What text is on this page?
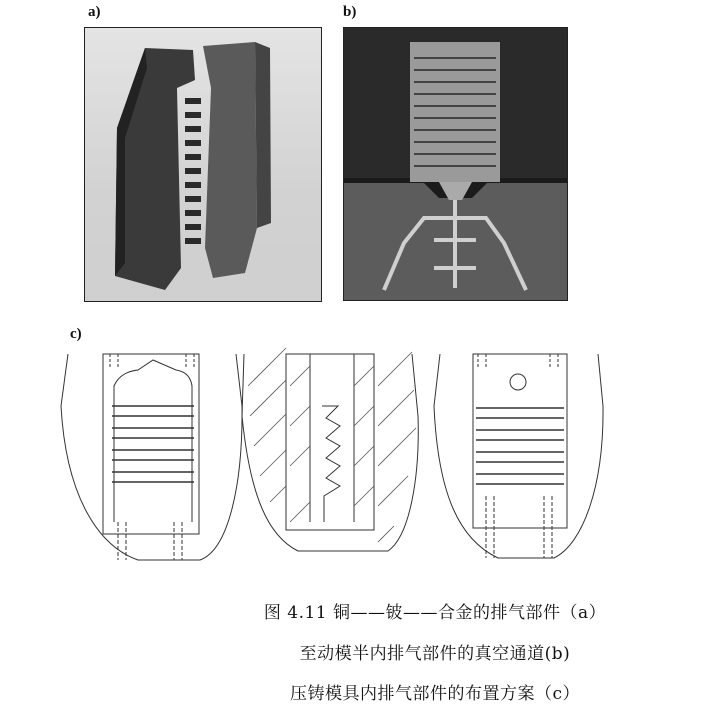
a)	b)
c)
图 4.11 铜——铍——合金的排气部件（a）
至动模半内排气部件的真空通道(b)
压铸模具内排气部件的布置方案（c）
